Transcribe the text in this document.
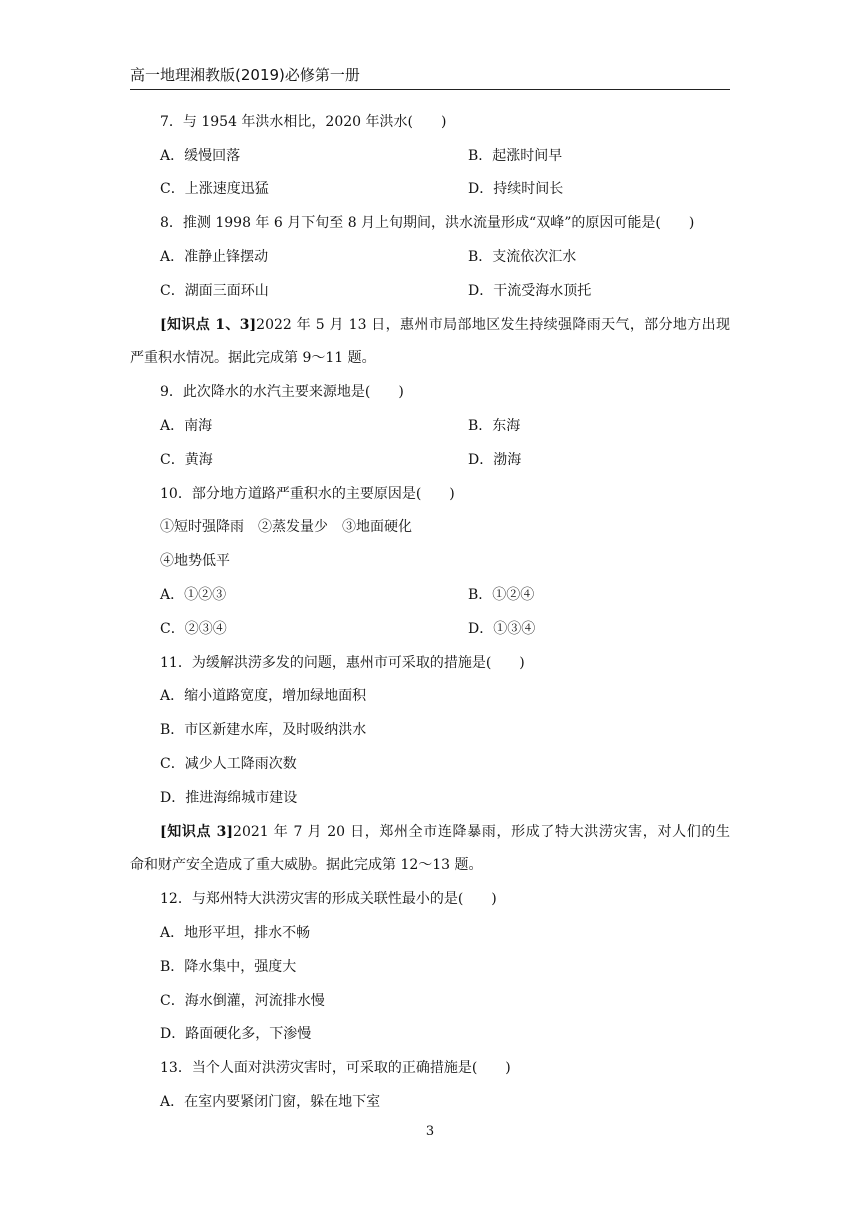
高一地理湘教版(2019)必修第一册
7．与 1954 年洪水相比，2020 年洪水(　　)
A．缓慢回落	B．起涨时间早
C．上涨速度迅猛	D．持续时间长
8．推测 1998 年 6 月下旬至 8 月上旬期间，洪水流量形成“双峰”的原因可能是(　　)
A．准静止锋摆动	B．支流依次汇水
C．湖面三面环山	D．干流受海水顶托
[知识点 1、3]2022 年 5 月 13 日，惠州市局部地区发生持续强降雨天气，部分地方出现
严重积水情况。据此完成第 9～11 题。
9．此次降水的水汽主要来源地是(　　)
A．南海	B．东海
C．黄海	D．渤海
10．部分地方道路严重积水的主要原因是(　　)
①短时强降雨　②蒸发量少　③地面硬化
④地势低平
A．①②③	B．①②④
C．②③④	D．①③④
11．为缓解洪涝多发的问题，惠州市可采取的措施是(　　)
A．缩小道路宽度，增加绿地面积
B．市区新建水库，及时吸纳洪水
C．减少人工降雨次数
D．推进海绵城市建设
[知识点 3]2021 年 7 月 20 日，郑州全市连降暴雨，形成了特大洪涝灾害，对人们的生
命和财产安全造成了重大威胁。据此完成第 12～13 题。
12．与郑州特大洪涝灾害的形成关联性最小的是(　　)
A．地形平坦，排水不畅
B．降水集中，强度大
C．海水倒灌，河流排水慢
D．路面硬化多，下渗慢
13．当个人面对洪涝灾害时，可采取的正确措施是(　　)
A．在室内要紧闭门窗，躲在地下室
3
